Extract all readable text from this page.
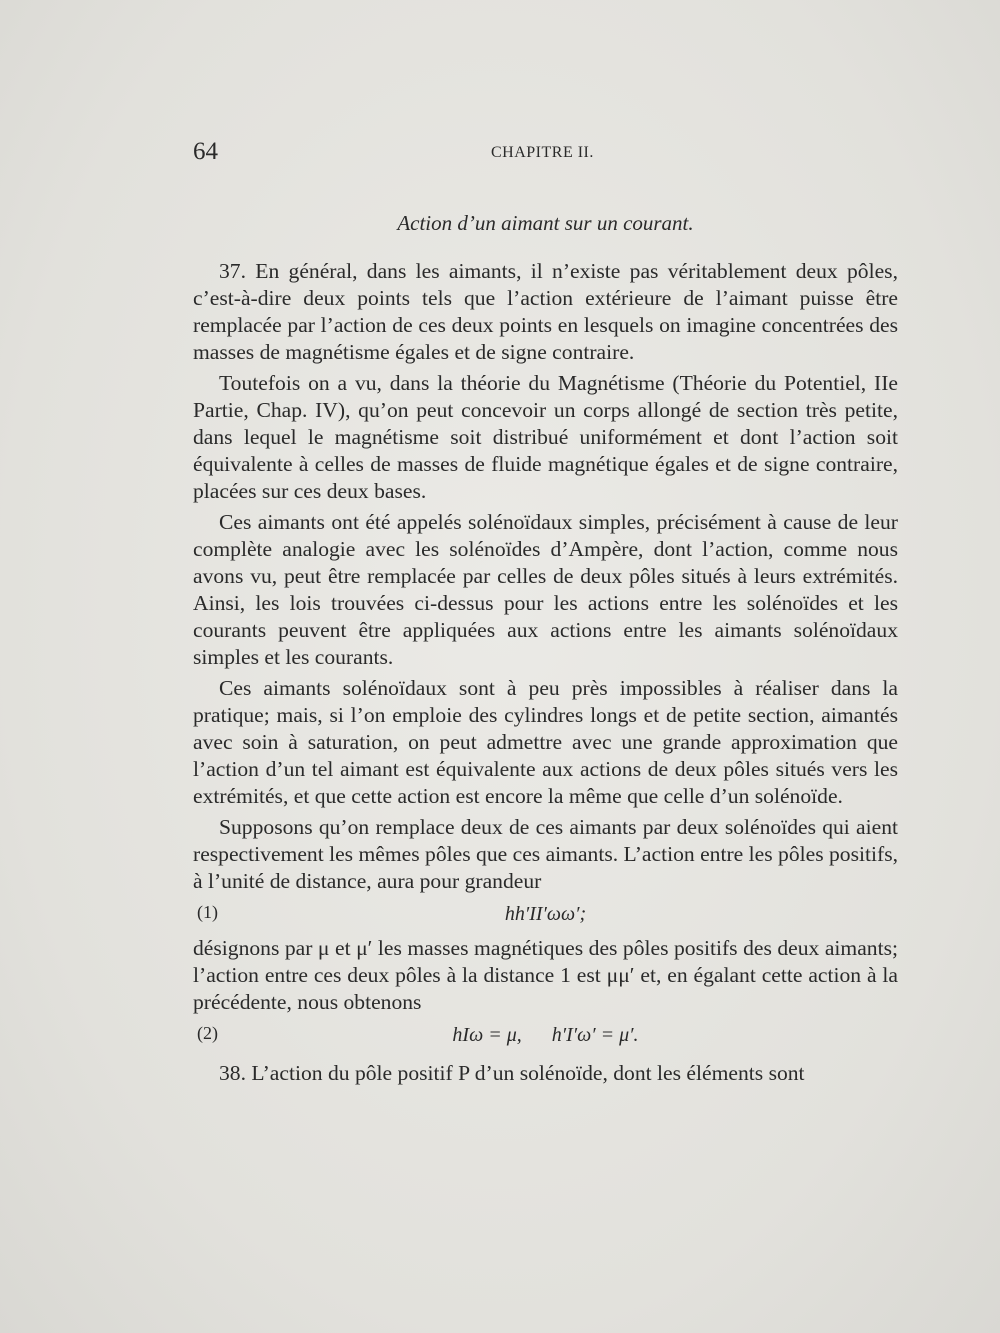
64	CHAPITRE II.
Action d’un aimant sur un courant.

37. En général, dans les aimants, il n’existe pas véritablement deux pôles, c’est-à-dire deux points tels que l’action extérieure de l’aimant puisse être remplacée par l’action de ces deux points en lesquels on imagine concentrées des masses de magnétisme égales et de signe contraire.

Toutefois on a vu, dans la théorie du Magnétisme (Théorie du Potentiel, IIe Partie, Chap. IV), qu’on peut concevoir un corps allongé de section très petite, dans lequel le magnétisme soit distribué uniformément et dont l’action soit équivalente à celles de masses de fluide magnétique égales et de signe contraire, placées sur ces deux bases.

Ces aimants ont été appelés solénoïdaux simples, précisément à cause de leur complète analogie avec les solénoïdes d’Ampère, dont l’action, comme nous avons vu, peut être remplacée par celles de deux pôles situés à leurs extrémités. Ainsi, les lois trouvées ci-dessus pour les actions entre les solénoïdes et les courants peuvent être appliquées aux actions entre les aimants solénoïdaux simples et les courants.

Ces aimants solénoïdaux sont à peu près impossibles à réaliser dans la pratique; mais, si l’on emploie des cylindres longs et de petite section, aimantés avec soin à saturation, on peut admettre avec une grande approximation que l’action d’un tel aimant est équivalente aux actions de deux pôles situés vers les extrémités, et que cette action est encore la même que celle d’un solénoïde.

Supposons qu’on remplace deux de ces aimants par deux solénoïdes qui aient respectivement les mêmes pôles que ces aimants. L’action entre les pôles positifs, à l’unité de distance, aura pour grandeur

(1)	hh′II′ωω′;

désignons par μ et μ′ les masses magnétiques des pôles positifs des deux aimants; l’action entre ces deux pôles à la distance 1 est μμ′ et, en égalant cette action à la précédente, nous obtenons

(2)	hIω = μ,      h′I′ω′ = μ′.

38. L’action du pôle positif P d’un solénoïde, dont les éléments sont
